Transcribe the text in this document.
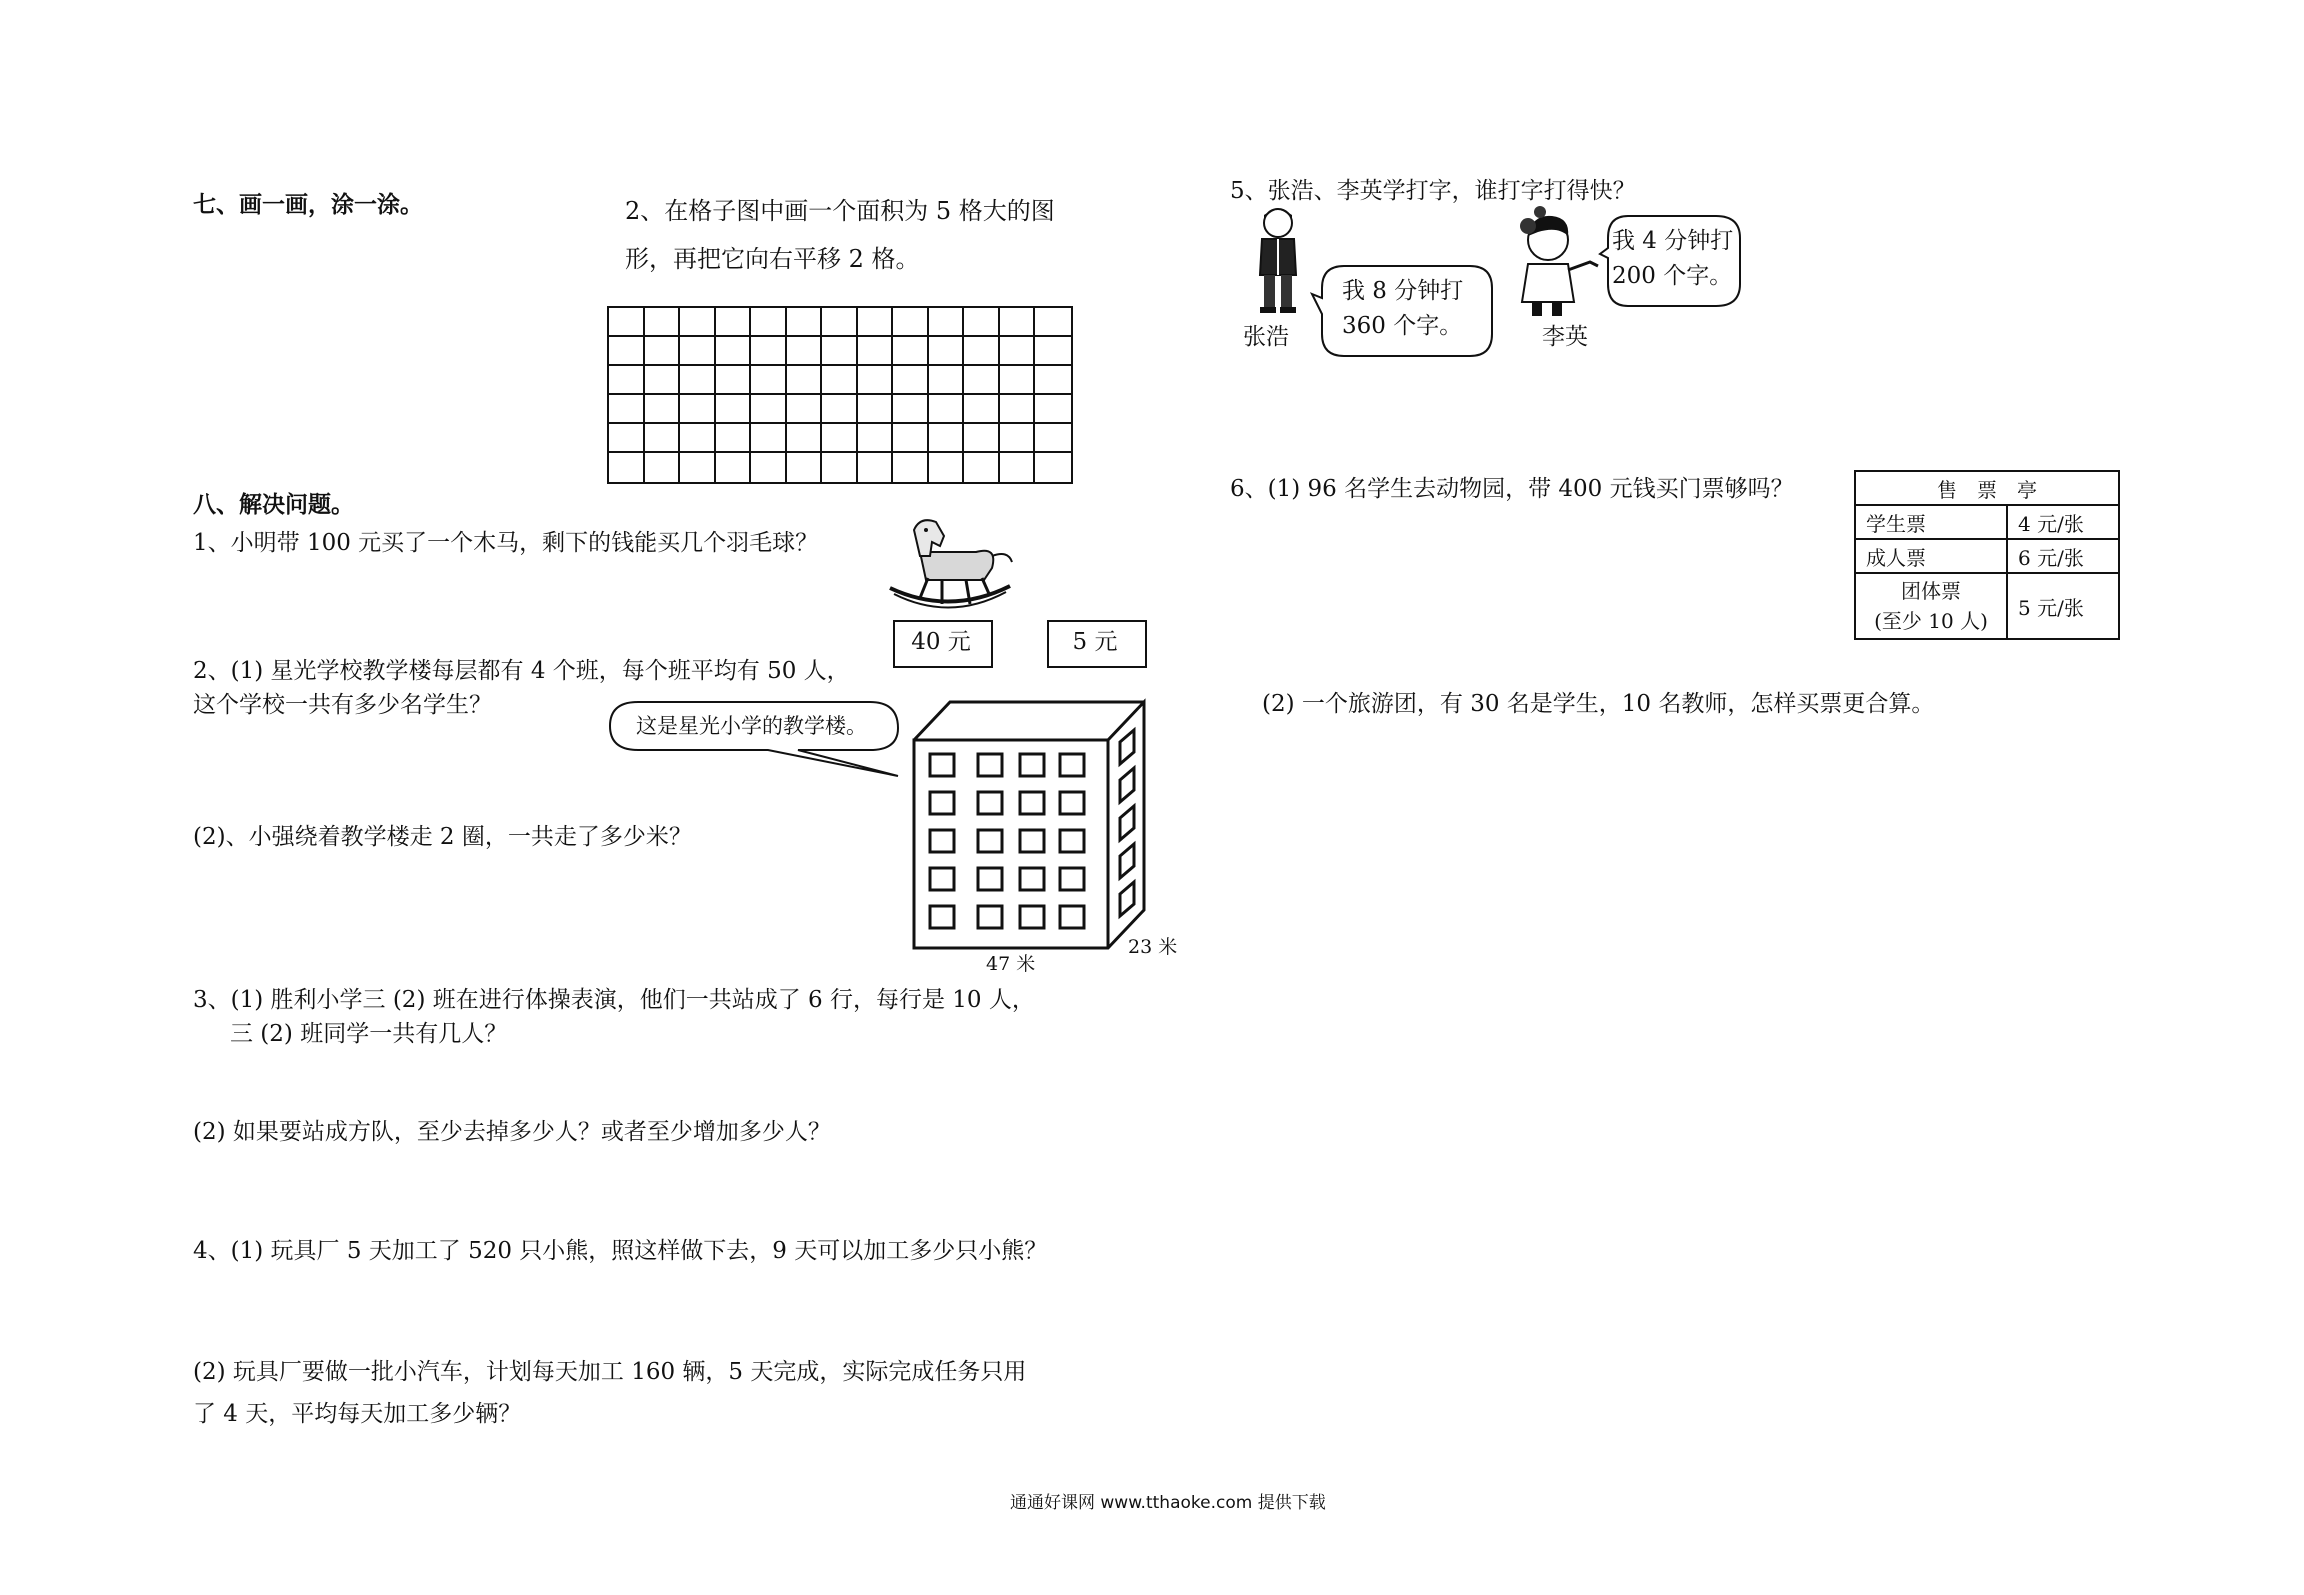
七、画一画，涂一涂。	2、在格子图中画一个面积为 5 格大的图
形，再把它向右平移 2 格。
八、解决问题。
1、小明带 100 元买了一个木马，剩下的钱能买几个羽毛球？
40 元	5 元
2、(1) 星光学校教学楼每层都有 4 个班，每个班平均有 50 人，
这个学校一共有多少名学生？
这是星光小学的教学楼。
47 米
23 米
(2)、小强绕着教学楼走 2 圈，一共走了多少米？
3、(1) 胜利小学三 (2) 班在进行体操表演，他们一共站成了 6 行，每行是 10 人，
三 (2) 班同学一共有几人？
(2) 如果要站成方队，至少去掉多少人？或者至少增加多少人？
4、(1) 玩具厂 5 天加工了 520 只小熊，照这样做下去，9 天可以加工多少只小熊？
(2) 玩具厂要做一批小汽车，计划每天加工 160 辆，5 天完成，实际完成任务只用
了 4 天，平均每天加工多少辆？
5、张浩、李英学打字，谁打字打得快？
张浩
我 8 分钟打
360 个字。	李英
我 4 分钟打
200 个字。
6、(1) 96 名学生去动物园，带 400 元钱买门票够吗？	售　票　亭	
学生票	4 元/张
成人票	6 元/张

团体票
(至少 10 人)	5 元/张
(2) 一个旅游团，有 30 名是学生，10 名教师，怎样买票更合算。
通通好课网 www.tthaoke.com 提供下载
